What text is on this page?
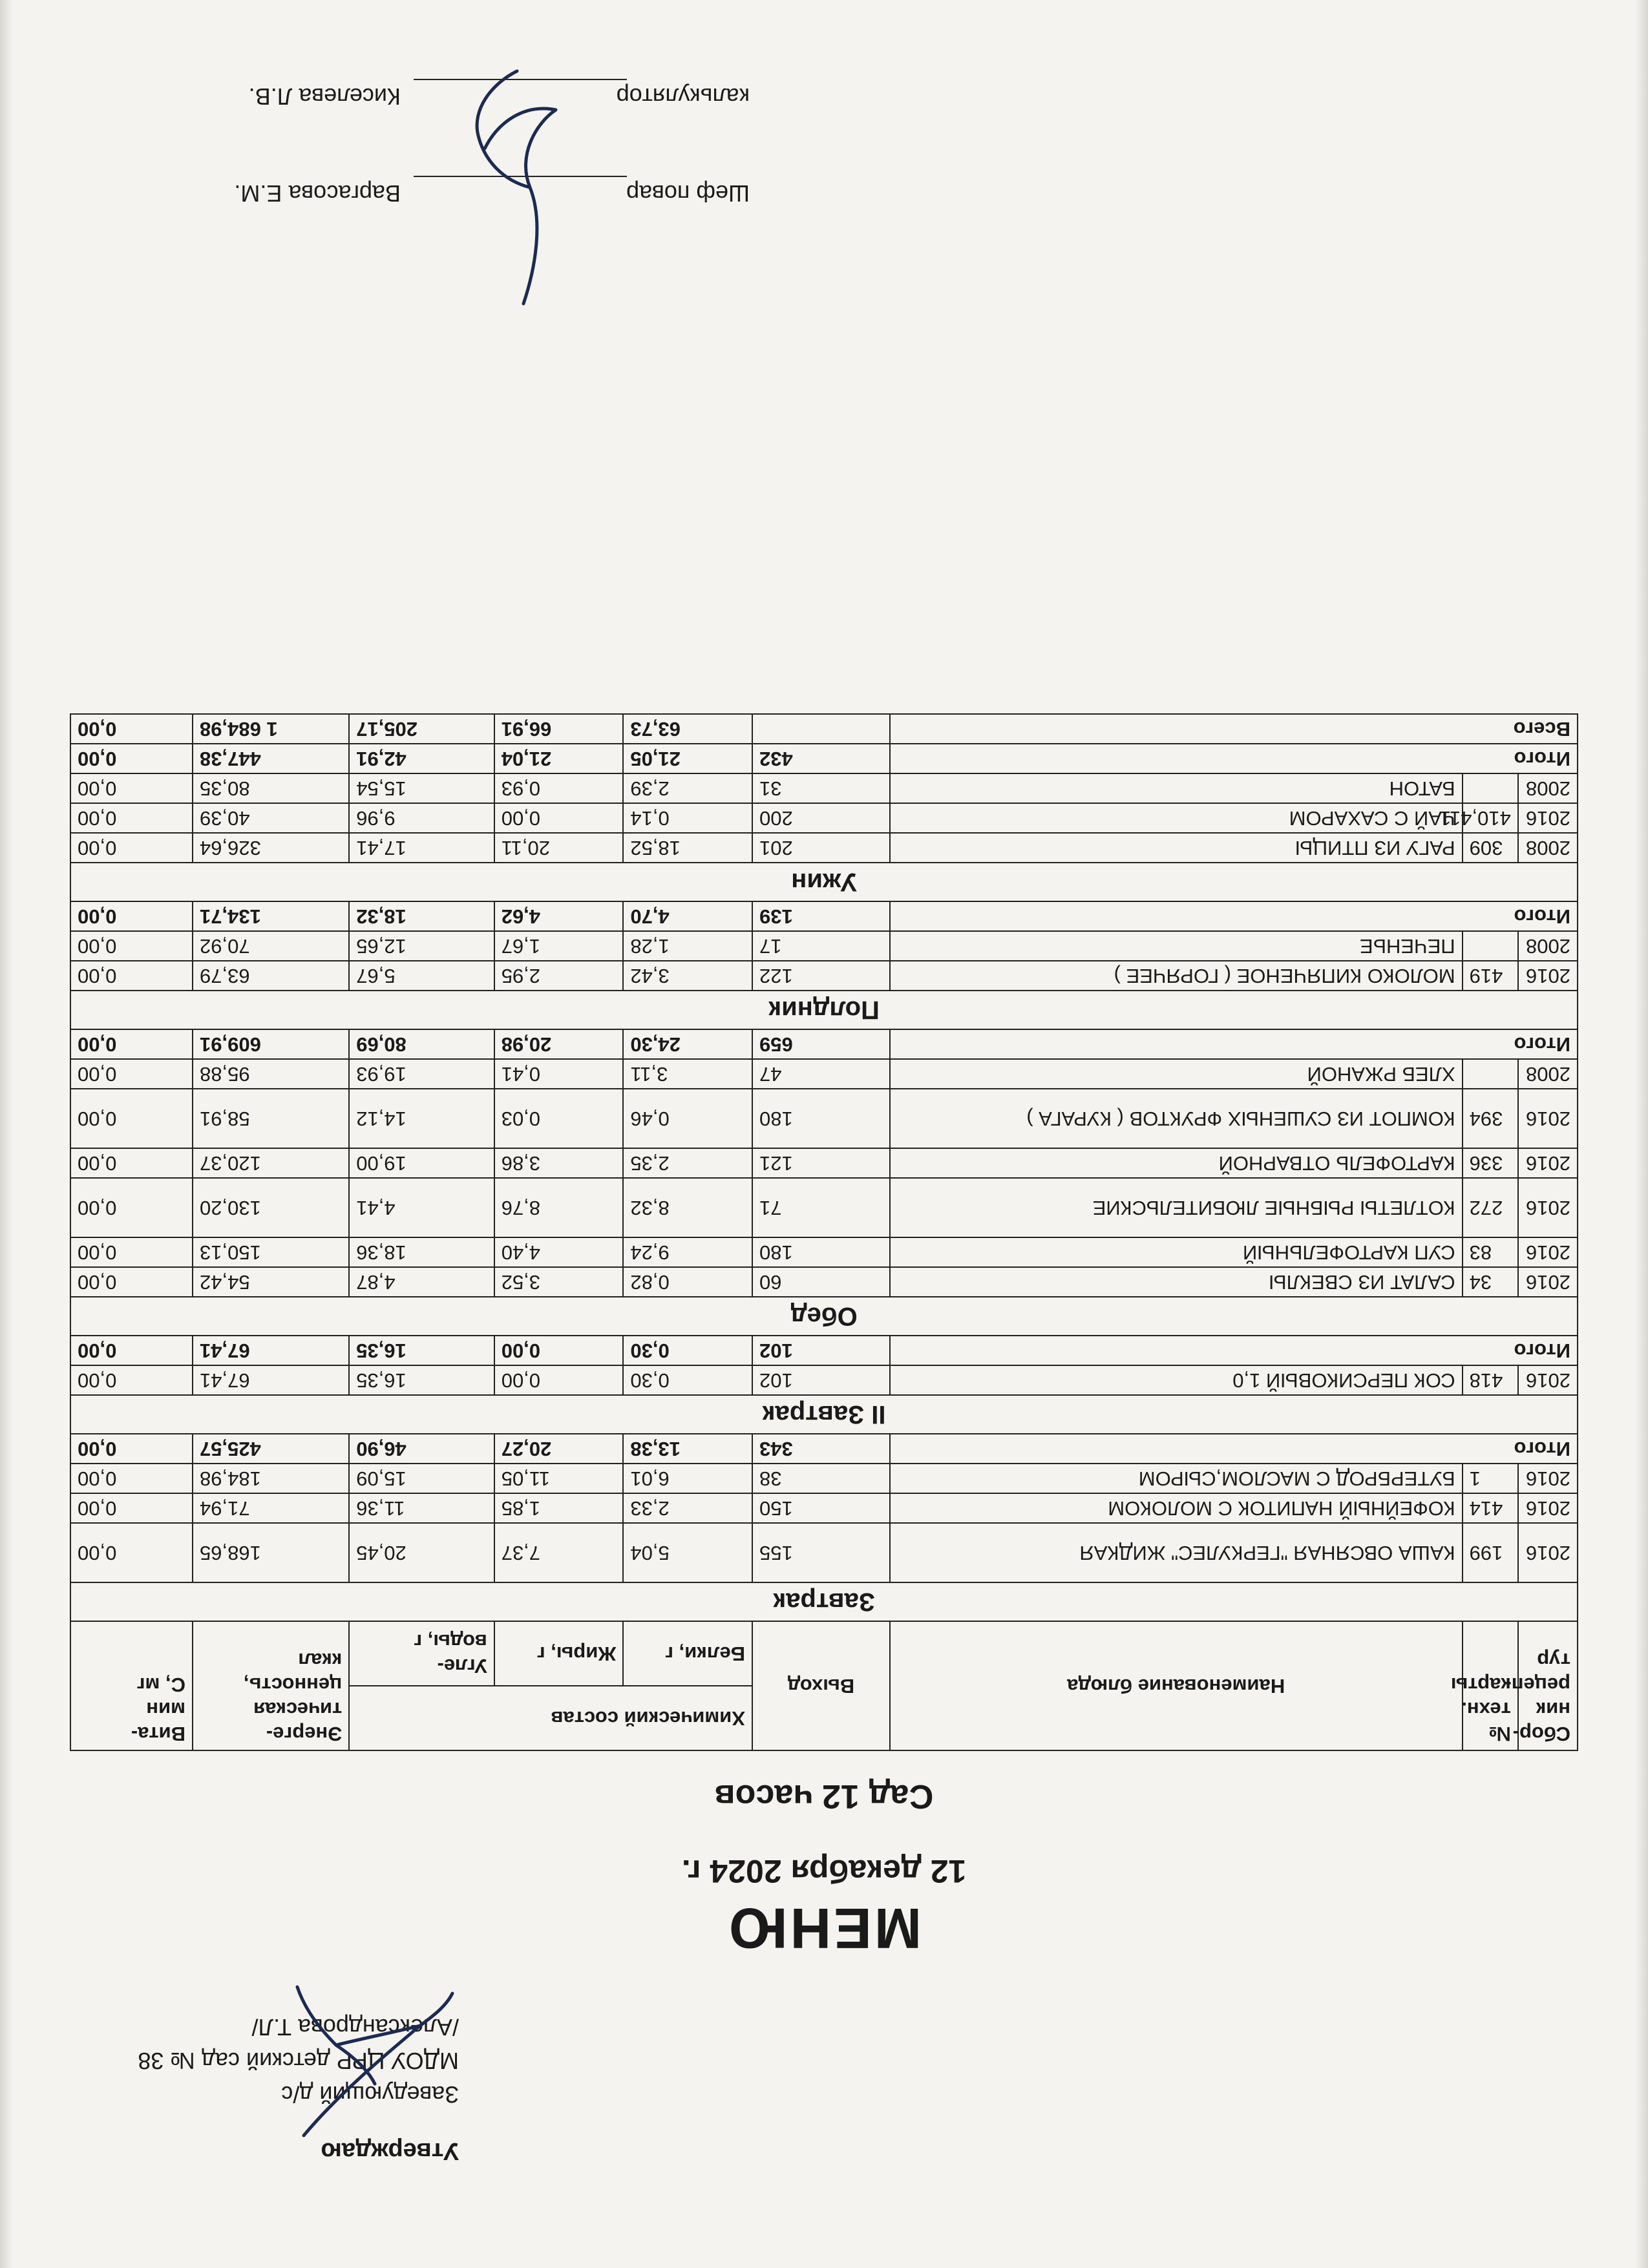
Утверждаю
Заведующий д/с
МДОУ ЦРР детский сад № 38
/Александрова Т.Л/
МЕНЮ
12 декабря 2024 г.
Сад 12 часов
Сбор-
ник
рецеп-
тур	№
техн.
карты	Наименование блюда	Выход	Химический состав			Энерге-
тическая
ценность,
ккал	Вита-
мин
С, мг

				Белки, г	Жиры, г	Угле-
воды, г		

Завтрак								
2016	199	КАША ОВСЯНАЯ "ГЕРКУЛЕС" ЖИДКАЯ	155	5,04	7,37	20,45	168,65	0,00
2016	414	КОФЕЙНЫЙ НАПИТОК С МОЛОКОМ	150	2,33	1,85	11,36	71,94	0,00
2016	1	БУТЕРБРОД С МАСЛОМ,СЫРОМ	38	6,01	11,05	15,09	184,98	0,00
Итого			343	13,38	20,27	46,90	425,57	0,00
II Завтрак								
2016	418	СОК ПЕРСИКОВЫЙ 1,0	102	0,30	0,00	16,35	67,41	0,00
Итого			102	0,30	0,00	16,35	67,41	0,00
Обед								
2016	34	САЛАТ ИЗ СВЕКЛЫ	60	0,82	3,52	4,87	54,42	0,00
2016	83	СУП КАРТОФЕЛЬНЫЙ	180	9,24	4,40	18,36	150,13	0,00
2016	272	КОТЛЕТЫ РЫБНЫЕ ЛЮБИТЕЛЬСКИЕ	71	8,32	8,76	4,41	130,20	0,00
2016	336	КАРТОФЕЛЬ ОТВАРНОЙ	121	2,35	3,86	19,00	120,37	0,00
2016	394	КОМПОТ ИЗ СУШЕНЫХ ФРУКТОВ ( КУРАГА )	180	0,46	0,03	14,12	58,91	0,00
2008		ХЛЕБ РЖАНОЙ	47	3,11	0,41	19,93	95,88	0,00
Итого			659	24,30	20,98	80,69	609,91	0,00
Полдник								
2016	419	МОЛОКО КИПЯЧЕНОЕ ( ГОРЯЧЕЕ )	122	3,42	2,95	5,67	63,79	0,00
2008		ПЕЧЕНЬЕ	17	1,28	1,67	12,65	70,92	0,00
Итого			139	4,70	4,62	18,32	134,71	0,00
Ужин								
2008	309	РАГУ ИЗ ПТИЦЫ	201	18,52	20,11	17,41	326,64	0,00
2016	410,411	ЧАЙ С САХАРОМ	200	0,14	0,00	9,96	40,39	0,00
2008		БАТОН	31	2,39	0,93	15,54	80,35	0,00
Итого			432	21,05	21,04	42,91	447,38	0,00
Всего				63,73	66,91	205,17	1 684,98	0,00
Шеф повар
Варгасова Е.М.
калькулятор
Киселева Л.В.
